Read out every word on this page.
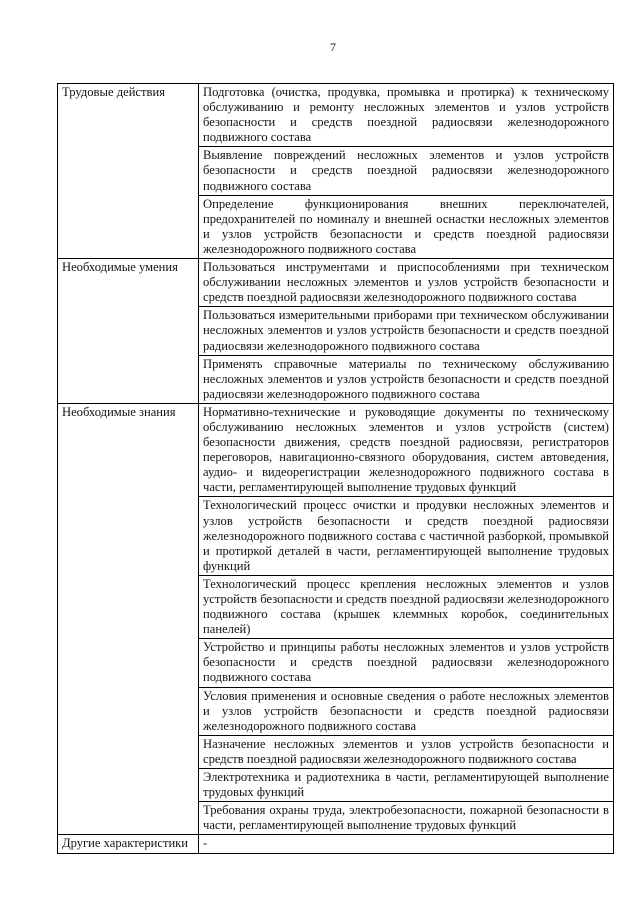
7
Трудовые действия	Подготовка (очистка, продувка, промывка и протирка) к техническому обслуживанию и ремонту несложных элементов и узлов устройств безопасности и средств поездной радиосвязи железнодорожного подвижного состава
	Выявление повреждений несложных элементов и узлов устройств безопасности и средств поездной радиосвязи железнодорожного подвижного состава
	Определение функционирования внешних переключателей, предохранителей по номиналу и внешней оснастки несложных элементов и узлов устройств безопасности и средств поездной радиосвязи железнодорожного подвижного состава
Необходимые умения	Пользоваться инструментами и приспособлениями при техническом обслуживании несложных элементов и узлов устройств безопасности и средств поездной радиосвязи железнодорожного подвижного состава
	Пользоваться измерительными приборами при техническом обслуживании несложных элементов и узлов устройств безопасности и средств поездной радиосвязи железнодорожного подвижного состава
	Применять справочные материалы по техническому обслуживанию несложных элементов и узлов устройств безопасности и средств поездной радиосвязи железнодорожного подвижного состава
Необходимые знания	Нормативно-технические и руководящие документы по техническому обслуживанию несложных элементов и узлов устройств (систем) безопасности движения, средств поездной радиосвязи, регистраторов переговоров, навигационно-связного оборудования, систем автоведения, аудио- и видеорегистрации железнодорожного подвижного состава в части, регламентирующей выполнение трудовых функций
	Технологический процесс очистки и продувки несложных элементов и узлов устройств безопасности и средств поездной радиосвязи железнодорожного подвижного состава с частичной разборкой, промывкой и протиркой деталей в части, регламентирующей выполнение трудовых функций
	Технологический процесс крепления несложных элементов и узлов устройств безопасности и средств поездной радиосвязи железнодорожного подвижного состава (крышек клеммных коробок, соединительных панелей)
	Устройство и принципы работы несложных элементов и узлов устройств безопасности и средств поездной радиосвязи железнодорожного подвижного состава
	Условия применения и основные сведения о работе несложных элементов и узлов устройств безопасности и средств поездной радиосвязи железнодорожного подвижного состава
	Назначение несложных элементов и узлов устройств безопасности и средств поездной радиосвязи железнодорожного подвижного состава
	Электротехника и радиотехника в части, регламентирующей выполнение трудовых функций
	Требования охраны труда, электробезопасности, пожарной безопасности в части, регламентирующей выполнение трудовых функций
Другие характеристики	-
